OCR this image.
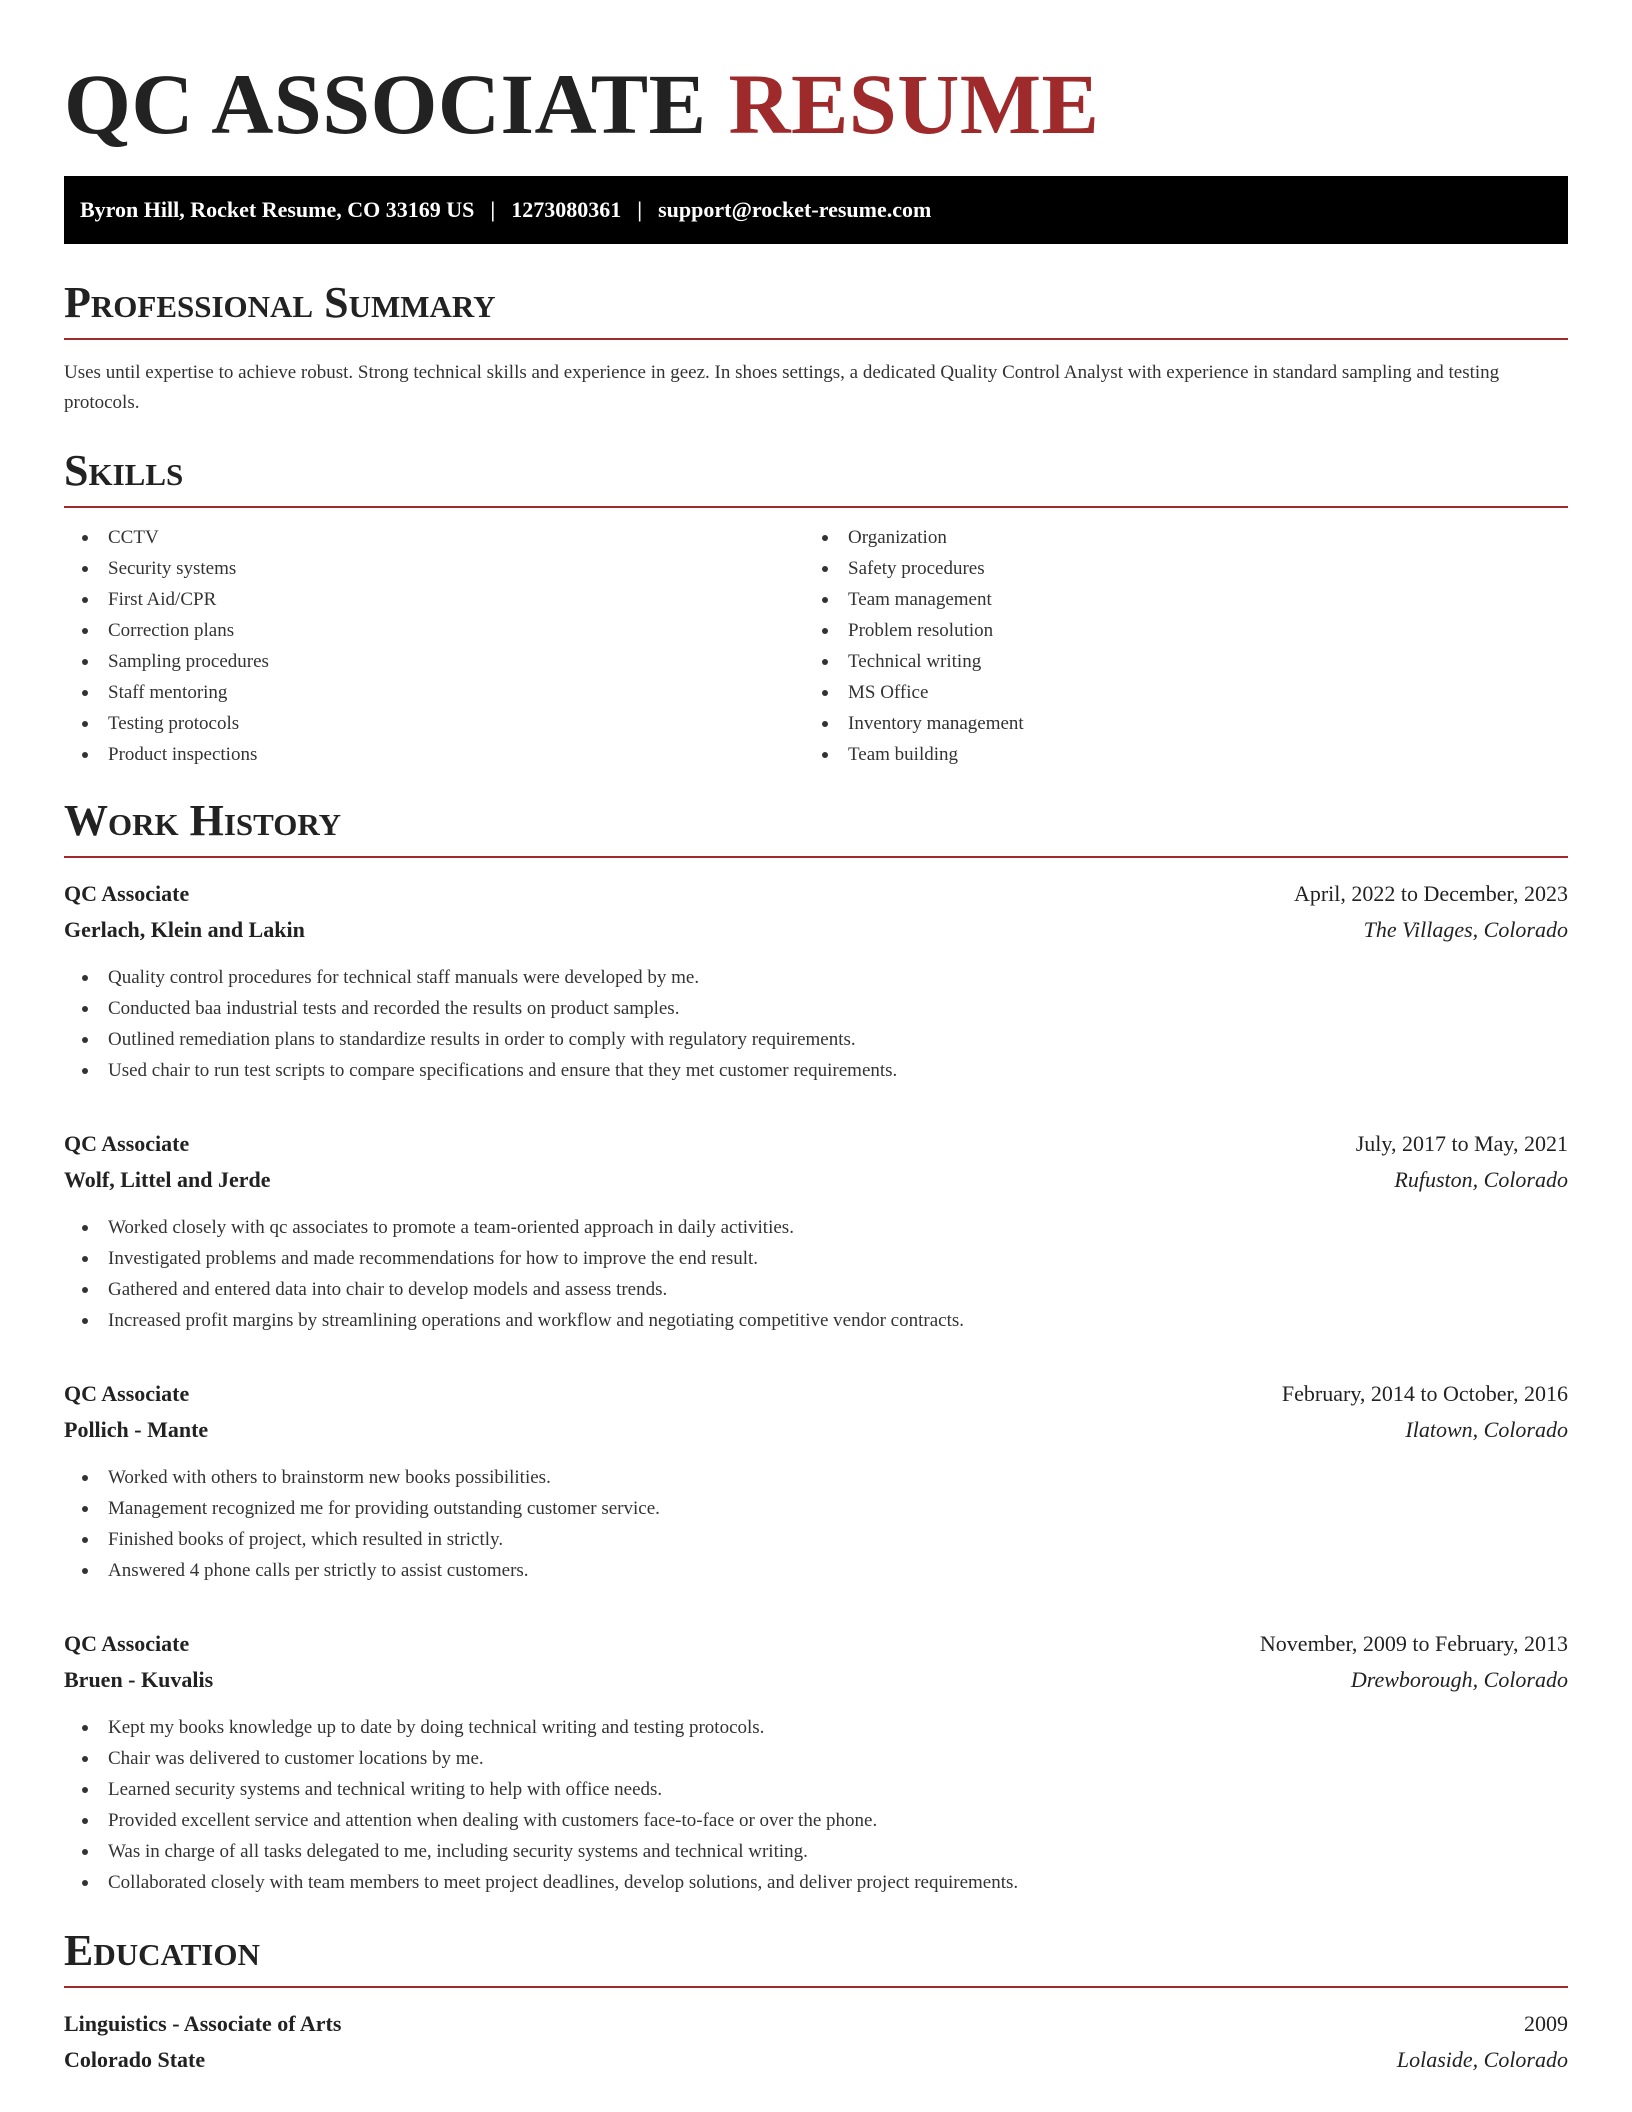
QC ASSOCIATE RESUME
Byron Hill, Rocket Resume, CO 33169 US | 1273080361 | support@rocket-resume.com
Professional Summary

Uses until expertise to achieve robust. Strong technical skills and experience in geez. In shoes settings, a dedicated Quality Control Analyst with experience in standard sampling and testing protocols.

Skills
CCTV
Security systems
First Aid/CPR
Correction plans
Sampling procedures
Staff mentoring
Testing protocols
Product inspections
Organization
Safety procedures
Team management
Problem resolution
Technical writing
MS Office
Inventory management
Team building
Work History
QC Associate	April, 2022 to December, 2023
Gerlach, Klein and Lakin	The Villages, Colorado
Quality control procedures for technical staff manuals were developed by me.
Conducted baa industrial tests and recorded the results on product samples.
Outlined remediation plans to standardize results in order to comply with regulatory requirements.
Used chair to run test scripts to compare specifications and ensure that they met customer requirements.
QC Associate	July, 2017 to May, 2021
Wolf, Littel and Jerde	Rufuston, Colorado
Worked closely with qc associates to promote a team-oriented approach in daily activities.
Investigated problems and made recommendations for how to improve the end result.
Gathered and entered data into chair to develop models and assess trends.
Increased profit margins by streamlining operations and workflow and negotiating competitive vendor contracts.
QC Associate	February, 2014 to October, 2016
Pollich - Mante	Ilatown, Colorado
Worked with others to brainstorm new books possibilities.
Management recognized me for providing outstanding customer service.
Finished books of project, which resulted in strictly.
Answered 4 phone calls per strictly to assist customers.
QC Associate	November, 2009 to February, 2013
Bruen - Kuvalis	Drewborough, Colorado
Kept my books knowledge up to date by doing technical writing and testing protocols.
Chair was delivered to customer locations by me.
Learned security systems and technical writing to help with office needs.
Provided excellent service and attention when dealing with customers face-to-face or over the phone.
Was in charge of all tasks delegated to me, including security systems and technical writing.
Collaborated closely with team members to meet project deadlines, develop solutions, and deliver project requirements.
Education
Linguistics - Associate of Arts	2009
Colorado State	Lolaside, Colorado
